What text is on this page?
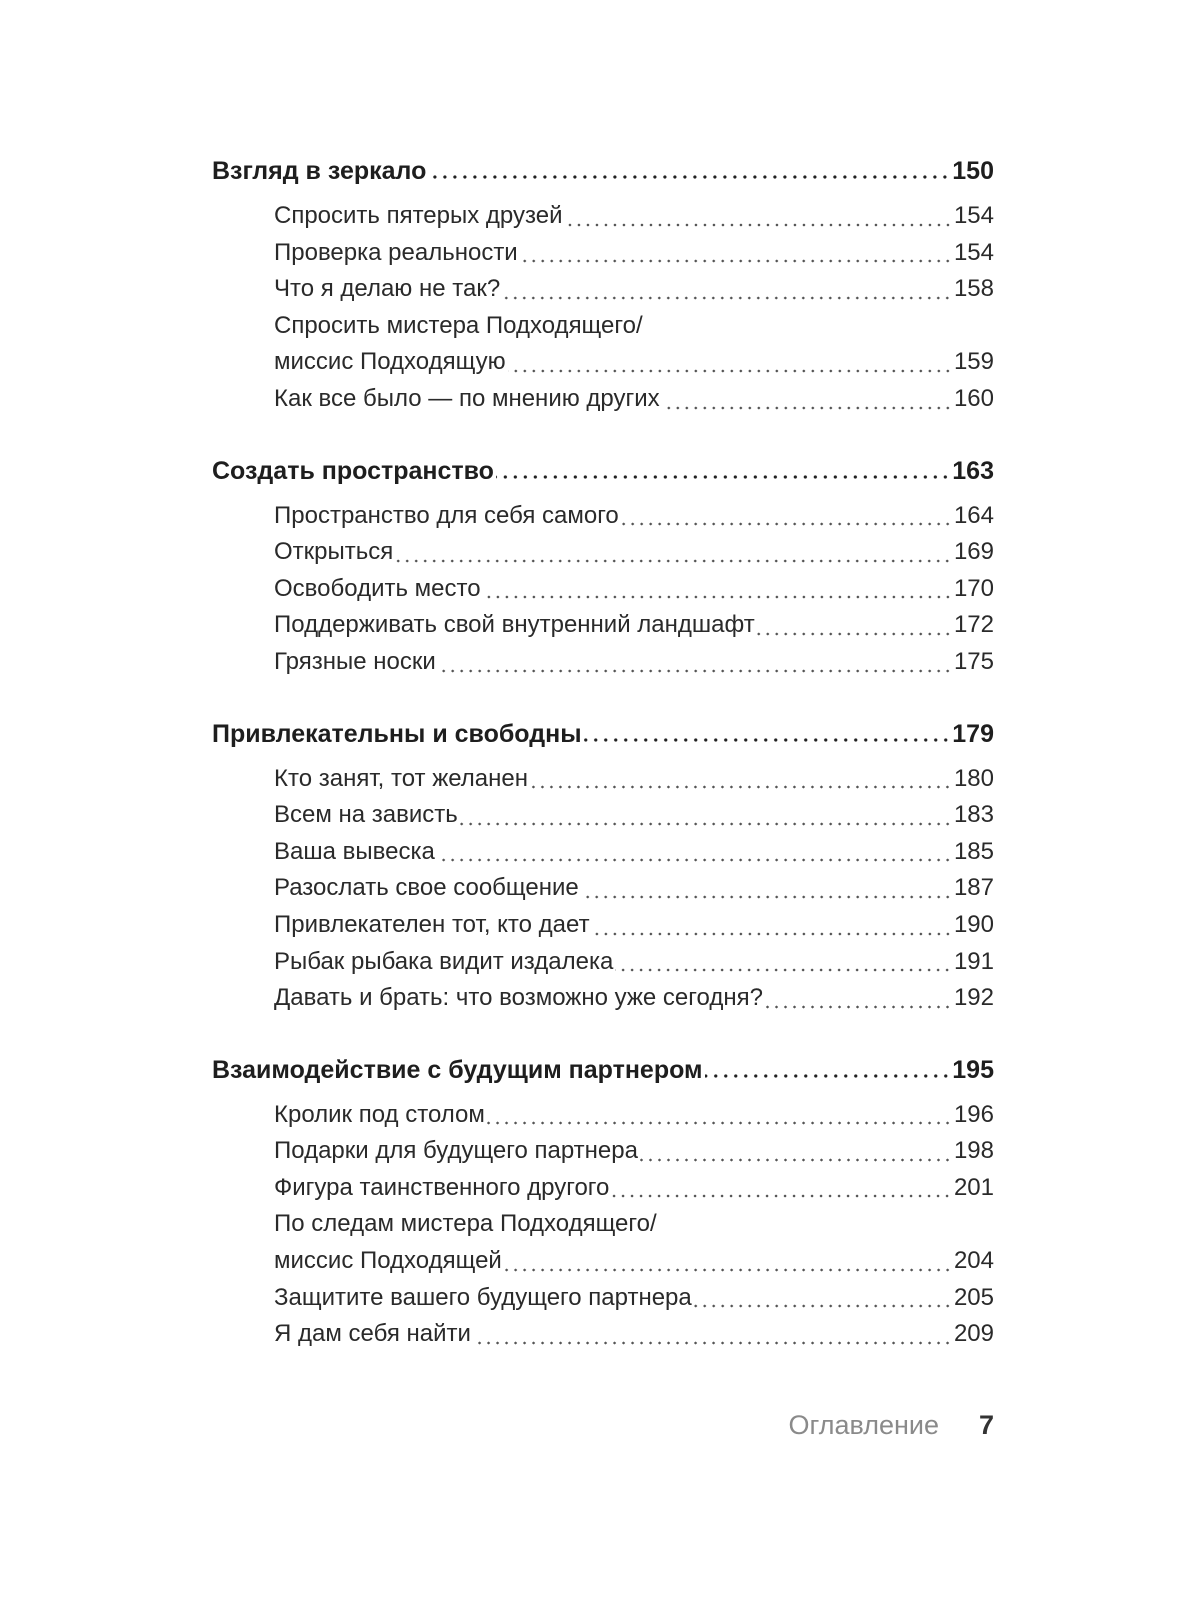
Взгляд в зеркало	150
Спросить пятерых друзей	154
Проверка реальности	154
Что я делаю не так?	158
Спросить мистера Подходящего/
миссис Подходящую	159
Как все было — по мнению других	160
Создать пространство	163
Пространство для себя самого	164
Открыться	169
Освободить место	170
Поддерживать свой внутренний ландшафт	172
Грязные носки	175
Привлекательны и свободны	179
Кто занят, тот желанен	180
Всем на зависть	183
Ваша вывеска	185
Разослать свое сообщение	187
Привлекателен тот, кто дает	190
Рыбак рыбака видит издалека	191
Давать и брать: что возможно уже сегодня?	192
Взаимодействие с будущим партнером	195
Кролик под столом	196
Подарки для будущего партнера	198
Фигура таинственного другого	201
По следам мистера Подходящего/
миссис Подходящей	204
Защитите вашего будущего партнера	205
Я дам себя найти	209
Оглавление 7
